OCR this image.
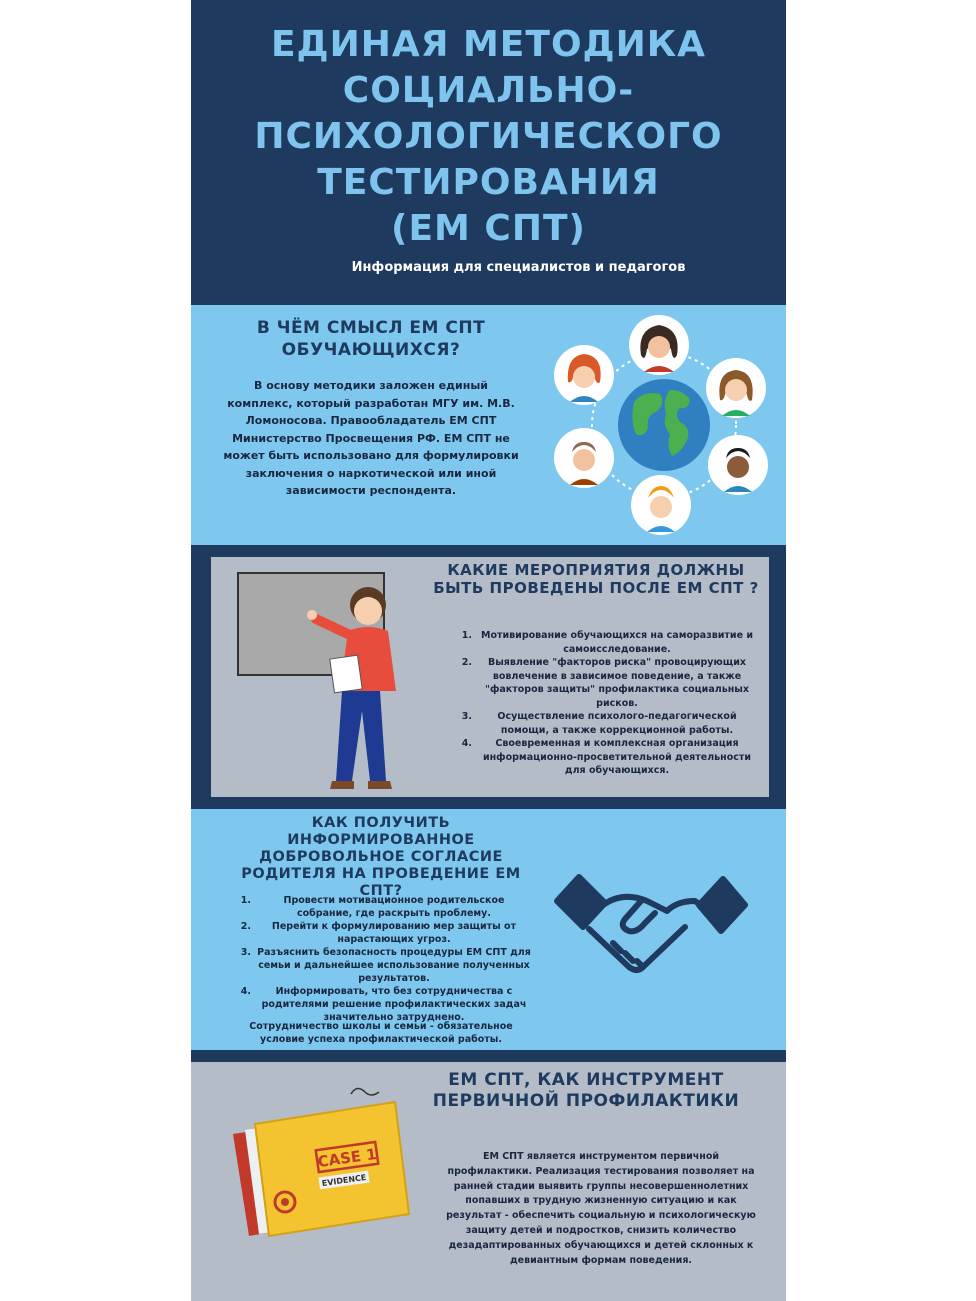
ЕДИНАЯ МЕТОДИКА
СОЦИАЛЬНО-
ПСИХОЛОГИЧЕСКОГО
ТЕСТИРОВАНИЯ
(ЕМ СПТ)
Информация для специалистов и педагогов
В ЧЁМ СМЫСЛ ЕМ СПТ ОБУЧАЮЩИХСЯ?
В основу методики заложен единый комплекс, который разработан МГУ им. М.В. Ломоносова. Правообладатель ЕМ СПТ Министерство Просвещения РФ. ЕМ СПТ не может быть использовано для формулировки заключения о наркотической или иной зависимости респондента.
КАКИЕ МЕРОПРИЯТИЯ ДОЛЖНЫ БЫТЬ ПРОВЕДЕНЫ ПОСЛЕ ЕМ СПТ ?
1. Мотивирование обучающихся на саморазвитие и самоисследование.
2.	Выявление "факторов риска" провоцирующих вовлечение в зависимое поведение, а также "факторов защиты" профилактика социальных рисков.
3.	Осуществление психолого-педагогической помощи, а также коррекционной работы.
4.	Своевременная и комплексная организация информационно-просветительной деятельности для обучающихся.
КАК ПОЛУЧИТЬ ИНФОРМИРОВАННОЕ ДОБРОВОЛЬНОЕ СОГЛАСИЕ РОДИТЕЛЯ НА ПРОВЕДЕНИЕ ЕМ СПТ?
1.	Провести мотивационное родительское собрание, где раскрыть проблему.
2.	Перейти к формулированию мер защиты от нарастающих угроз.
3. Разъяснить безопасность процедуры ЕМ СПТ для семьи и дальнейшее использование полученных результатов.
4.	Информировать, что без сотрудничества с родителями решение профилактических задач значительно затруднено.
Сотрудничество школы и семьи - обязательное условие успеха профилактической работы.
CASE 1
EVIDENCE
ЕМ СПТ, КАК ИНСТРУМЕНТ ПЕРВИЧНОЙ ПРОФИЛАКТИКИ
ЕМ СПТ является инструментом первичной профилактики. Реализация тестирования позволяет на ранней стадии выявить группы несовершеннолетних попавших в трудную жизненную ситуацию и как результат - обеспечить социальную и психологическую защиту детей и подростков, снизить количество дезадаптированных обучающихся и детей склонных к девиантным формам поведения.
